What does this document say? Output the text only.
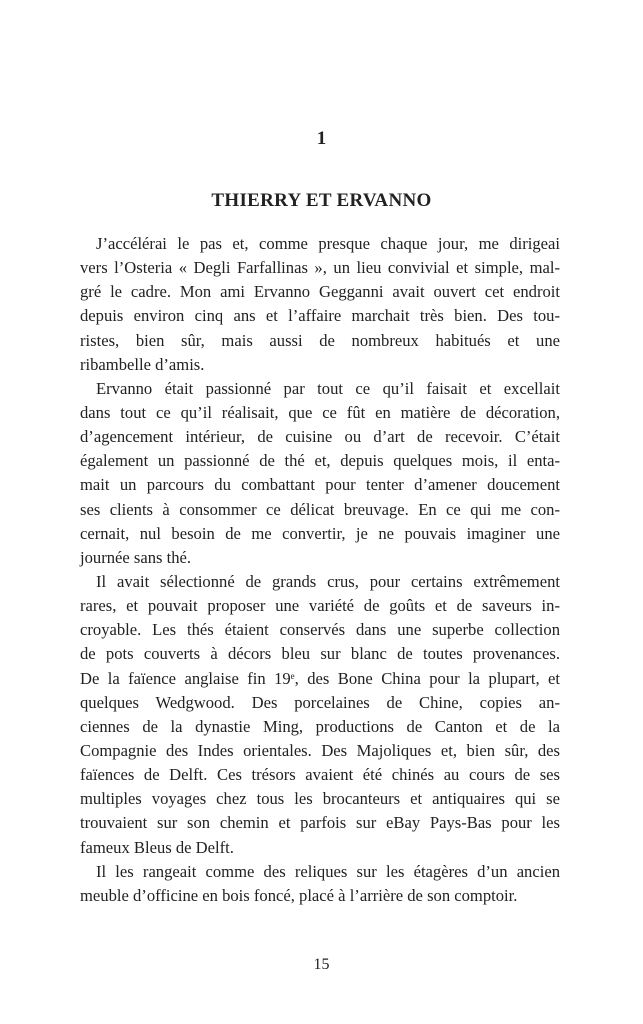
1
THIERRY ET ERVANNO
J’accélérai le pas et, comme presque chaque jour, me dirigeai
vers l’Osteria « Degli Farfallinas », un lieu convivial et simple, mal-
gré le cadre. Mon ami Ervanno Gegganni avait ouvert cet endroit
depuis environ cinq ans et l’affaire marchait très bien. Des tou-
ristes, bien sûr, mais aussi de nombreux habitués et une
ribambelle d’amis.
Ervanno était passionné par tout ce qu’il faisait et excellait
dans tout ce qu’il réalisait, que ce fût en matière de décoration,
d’agencement intérieur, de cuisine ou d’art de recevoir. C’était
également un passionné de thé et, depuis quelques mois, il enta-
mait un parcours du combattant pour tenter d’amener doucement
ses clients à consommer ce délicat breuvage. En ce qui me con-
cernait, nul besoin de me convertir, je ne pouvais imaginer une
journée sans thé.
Il avait sélectionné de grands crus, pour certains extrêmement
rares, et pouvait proposer une variété de goûts et de saveurs in-
croyable. Les thés étaient conservés dans une superbe collection
de pots couverts à décors bleu sur blanc de toutes provenances.
De la faïence anglaise fin 19e, des Bone China pour la plupart, et
quelques Wedgwood. Des porcelaines de Chine, copies an-
ciennes de la dynastie Ming, productions de Canton et de la
Compagnie des Indes orientales. Des Majoliques et, bien sûr, des
faïences de Delft. Ces trésors avaient été chinés au cours de ses
multiples voyages chez tous les brocanteurs et antiquaires qui se
trouvaient sur son chemin et parfois sur eBay Pays-Bas pour les
fameux Bleus de Delft.
Il les rangeait comme des reliques sur les étagères d’un ancien
meuble d’officine en bois foncé, placé à l’arrière de son comptoir.
15
